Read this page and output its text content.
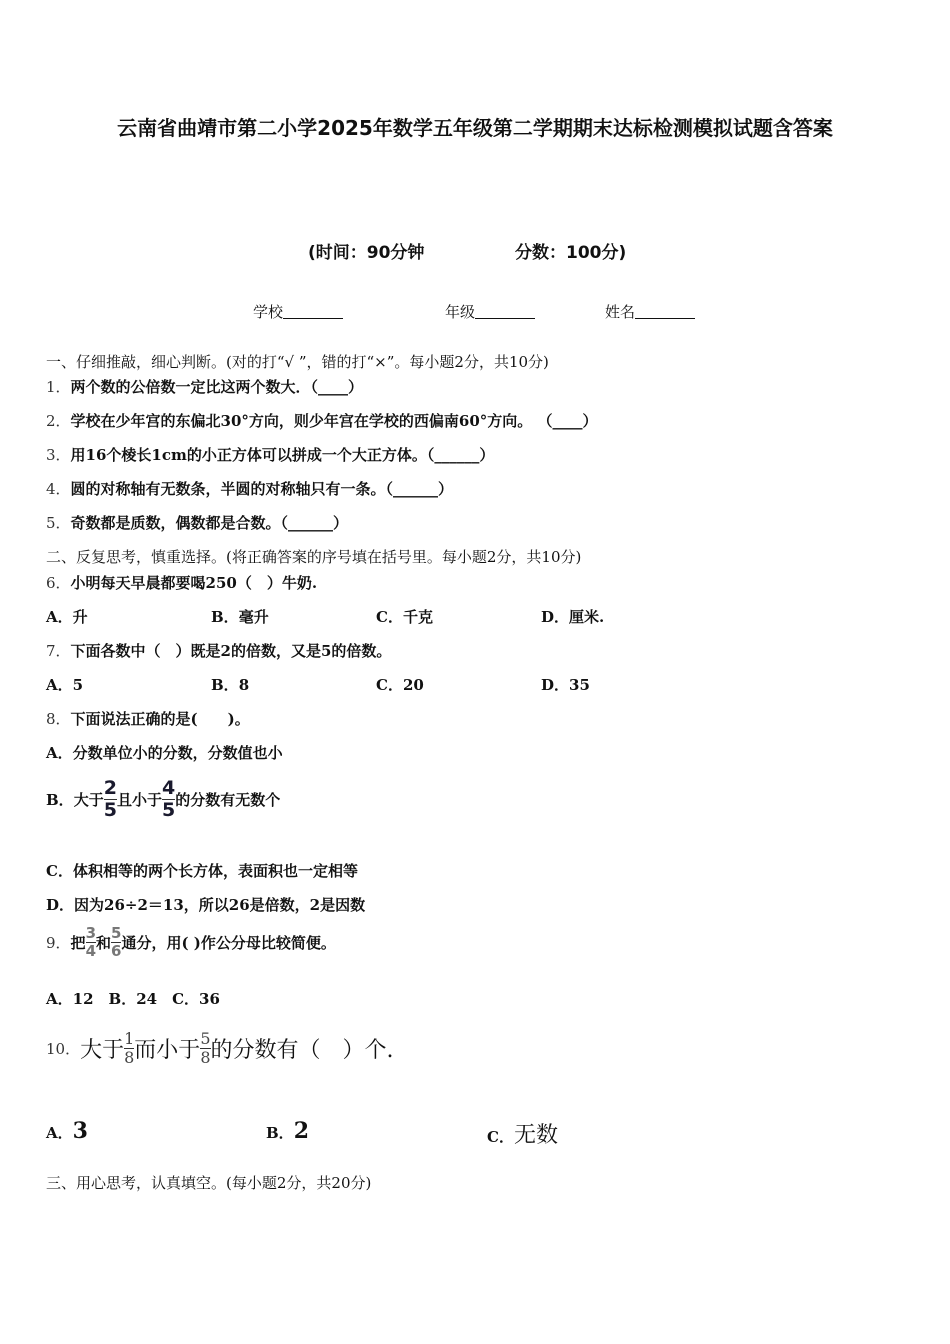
云南省曲靖市第二小学2025年数学五年级第二学期期末达标检测模拟试题含答案
(时间：90分钟	分数：100分)
学校	年级	姓名
一、仔细推敲，细心判断。(对的打“√ ”，错的打“×”。每小题2分，共10分)
1．两个数的公倍数一定比这两个数大．（____）
2．学校在少年宫的东偏北30°方向，则少年宫在学校的西偏南60°方向。 （____）
3．用16个棱长1cm的小正方体可以拼成一个大正方体。（______）
4．圆的对称轴有无数条，半圆的对称轴只有一条。（______）
5．奇数都是质数，偶数都是合数。（______）
二、反复思考，慎重选择。(将正确答案的序号填在括号里。每小题2分，共10分)
6．小明每天早晨都要喝250（　）牛奶.
A．升	B．毫升	C．千克	D．厘米.
7．下面各数中（　）既是2的倍数，又是5的倍数。
A．5	B．8	C．20	D．35
8．下面说法正确的是(　　)。
A．分数单位小的分数，分数值也小
B． 大于 $\frac{2}{5}$ 且小于 $\frac{4}{5}$ 的分数有无数个
C．体积相等的两个长方体，表面积也一定相等
D．因为26÷2＝13，所以26是倍数，2是因数
9． 把 $\frac{3}{4}$ 和 $\frac{5}{6}$ 通分，用( )作公分母比较简便。
A．12　B．24　C．36
10． 大于 $\frac{1}{8}$ 而小于 $\frac{5}{8}$ 的分数有（　）个.
A．3	B．2	C．无数
三、用心思考，认真填空。(每小题2分，共20分)
